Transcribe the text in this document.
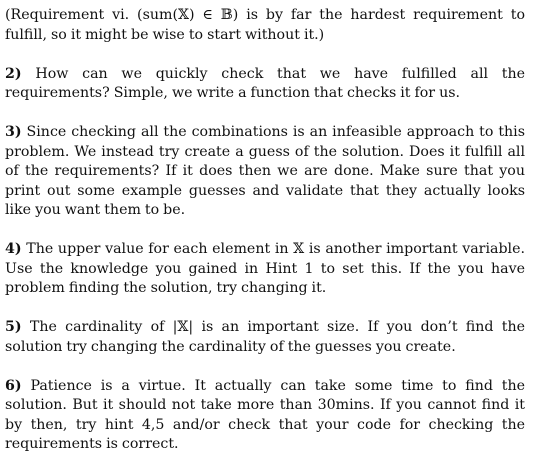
(Requirement vi. (sum(𝕏) ∈ 𝔹) is by far the hardest requirement to fulfill, so it might be wise to start without it.)

2) How can we quickly check that we have fulfilled all the requirements? Simple, we write a function that checks it for us.

3) Since checking all the combinations is an infeasible approach to this problem. We instead try create a guess of the solution. Does it fulfill all of the requirements? If it does then we are done. Make sure that you print out some example guesses and validate that they actually looks like you want them to be.

4) The upper value for each element in 𝕏 is another important variable. Use the knowledge you gained in Hint 1 to set this. If the you have problem finding the solution, try changing it.

5) The cardinality of |𝕏| is an important size. If you don’t find the solution try changing the cardinality of the guesses you create.

6) Patience is a virtue. It actually can take some time to find the solution. But it should not take more than 30mins. If you cannot find it by then, try hint 4,5 and/or check that your code for checking the requirements is correct.
